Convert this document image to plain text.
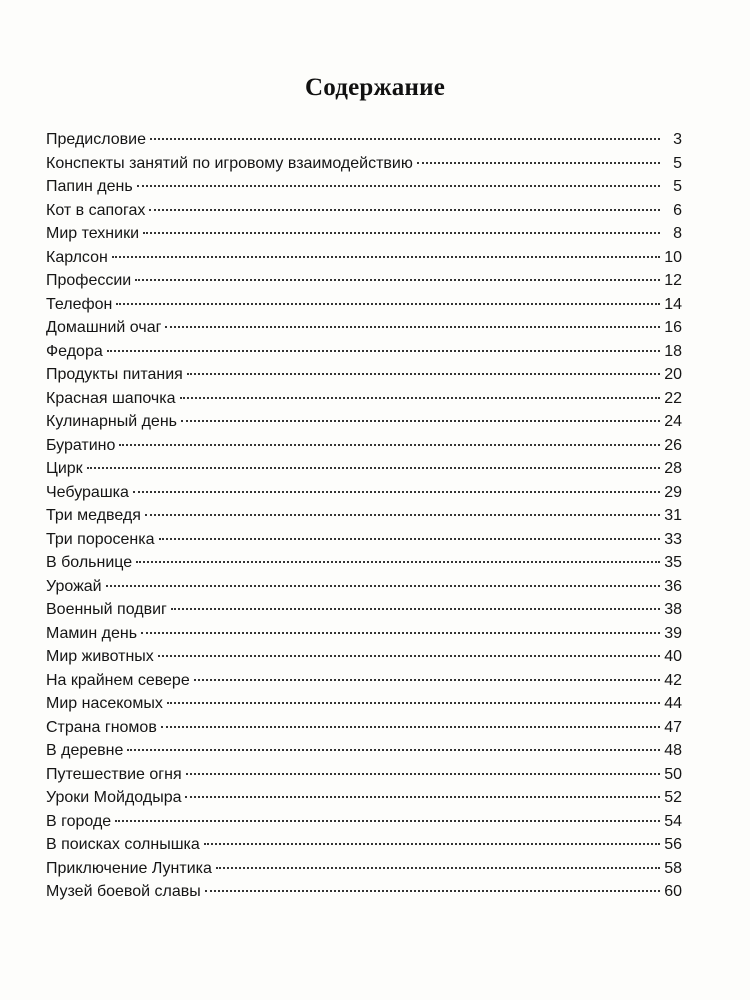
Содержание
Предисловие	3
Конспекты занятий по игровому взаимодействию	5
Папин день	5
Кот в сапогах	6
Мир техники	8
Карлсон	10
Профессии	12
Телефон	14
Домашний очаг	16
Федора	18
Продукты питания	20
Красная шапочка	22
Кулинарный день	24
Буратино	26
Цирк	28
Чебурашка	29
Три медведя	31
Три поросенка	33
В больнице	35
Урожай	36
Военный подвиг	38
Мамин день	39
Мир животных	40
На крайнем севере	42
Мир насекомых	44
Страна гномов	47
В деревне	48
Путешествие огня	50
Уроки Мойдодыра	52
В городе	54
В поисках солнышка	56
Приключение Лунтика	58
Музей боевой славы	60
